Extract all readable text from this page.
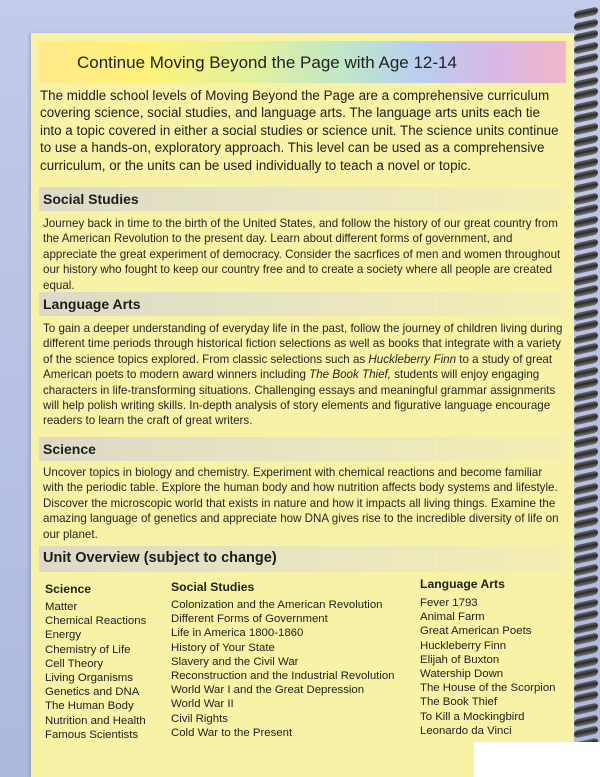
Continue Moving Beyond the Page with Age 12-14

The middle school levels of Moving Beyond the Page are a comprehensive curriculum covering science, social studies, and language arts. The language arts units each tie into a topic covered in either a social studies or science unit. The science units continue to use a hands-on, exploratory approach. This level can be used as a comprehensive curriculum, or the units can be used individually to teach a novel or topic.

Social Studies

Journey back in time to the birth of the United States, and follow the history of our great country from the American Revolution to the present day. Learn about different forms of government, and appreciate the great experiment of democracy. Consider the sacrfices of men and women throughout our history who fought to keep our country free and to create a society where all people are created equal.

Language Arts

To gain a deeper understanding of everyday life in the past, follow the journey of children living during different time periods through historical fiction selections as well as books that integrate with a variety of the science topics explored. From classic selections such as Huckleberry Finn to a study of great American poets to modern award winners including The Book Thief, students will enjoy engaging characters in life-transforming situations. Challenging essays and meaningful grammar assignments will help polish writing skills. In-depth analysis of story elements and figurative language encourage readers to learn the craft of great writers.

Science

Uncover topics in biology and chemistry. Experiment with chemical reactions and become familiar with the periodic table. Explore the human body and how nutrition affects body systems and lifestyle. Discover the microscopic world that exists in nature and how it impacts all living things. Examine the amazing language of genetics and appreciate how DNA gives rise to the incredible diversity of life on our planet.

Unit Overview (subject to change)
Science	Social Studies	Language Arts
Matter
Chemical Reactions
Energy
Chemistry of Life
Cell Theory
Living Organisms
Genetics and DNA
The Human Body
Nutrition and Health
Famous Scientists
Colonization and the American Revolution
Different Forms of Government
Life in America 1800-1860
History of Your State
Slavery and the Civil War
Reconstruction and the Industrial Revolution
World War I and the Great Depression
World War II
Civil Rights
Cold War to the Present
Fever 1793
Animal Farm
Great American Poets
Huckleberry Finn
Elijah of Buxton
Watership Down
The House of the Scorpion
The Book Thief
To Kill a Mockingbird
Leonardo da Vinci
